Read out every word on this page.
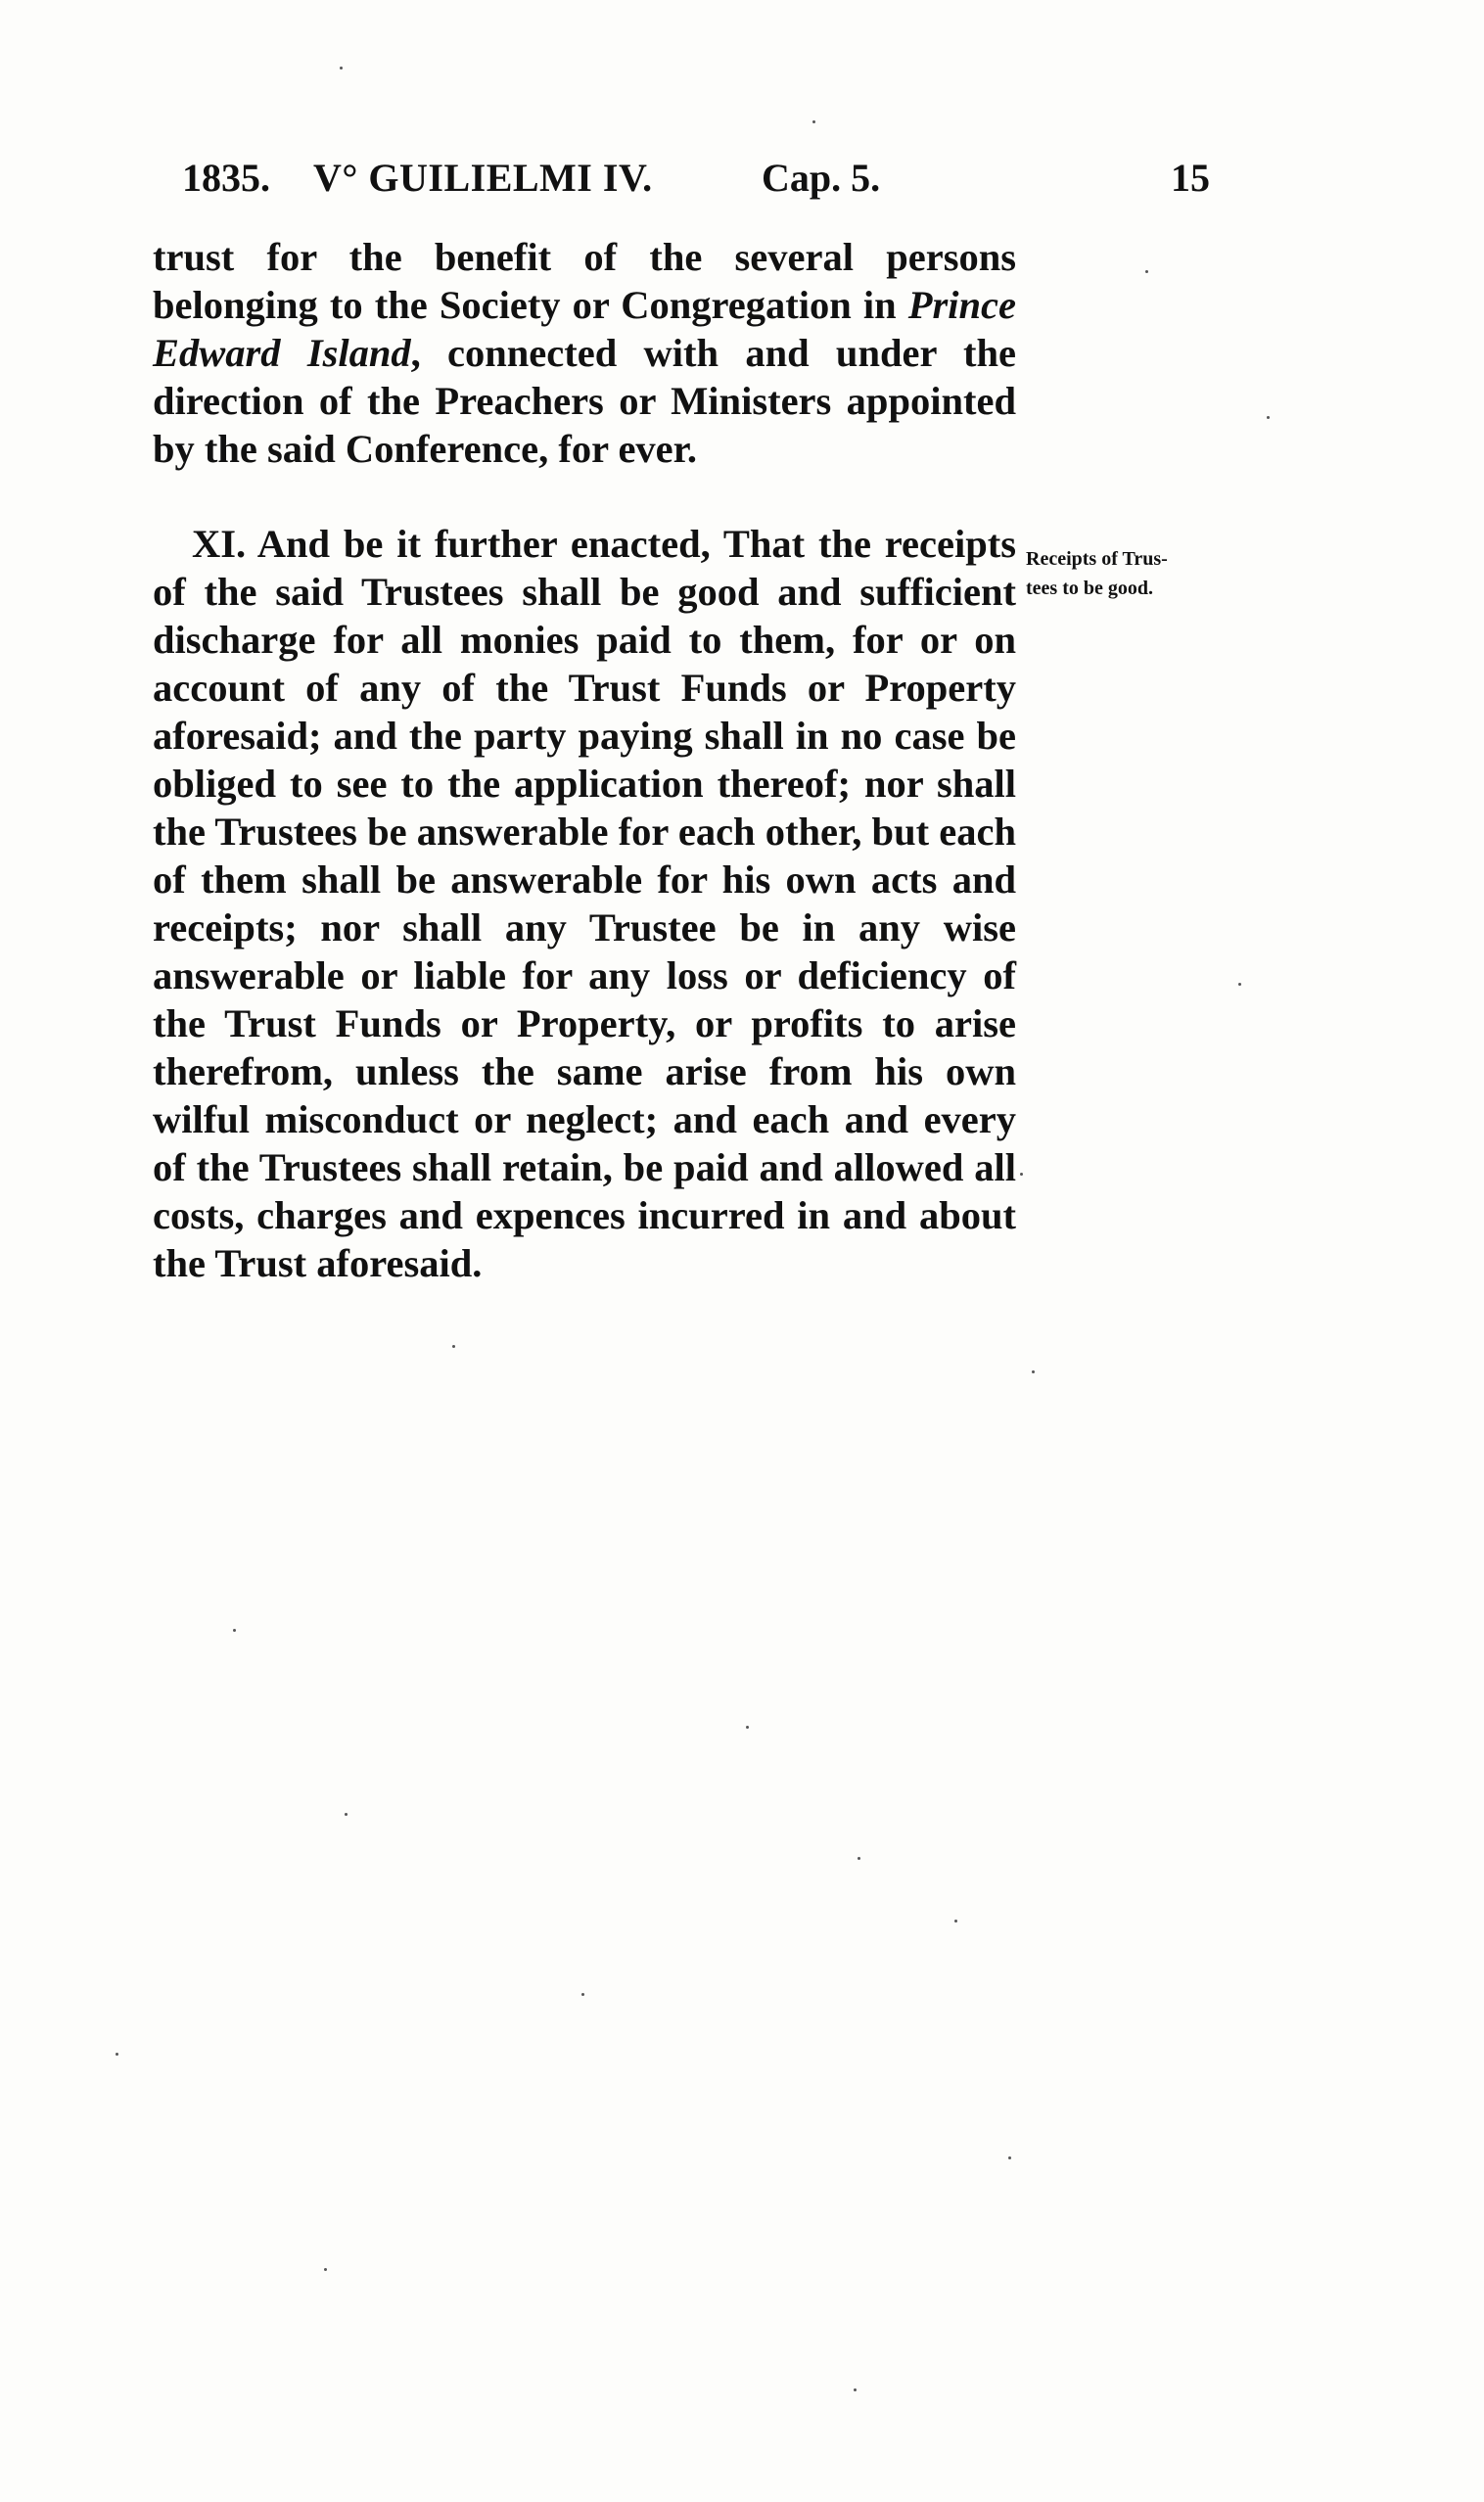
1835. V° GUILIELMI IV.	Cap. 5.	15

trust for the benefit of the several persons belonging to the Society or Congregation in Prince Edward Island, connected with and under the direction of the Preachers or Ministers appointed by the said Conference, for ever.

XI. And be it further enacted, That the receipts of the said Trustees shall be good and sufficient discharge for all monies paid to them, for or on account of any of the Trust Funds or Property aforesaid; and the party paying shall in no case be obliged to see to the application thereof; nor shall the Trustees be answerable for each other, but each of them shall be answerable for his own acts and receipts; nor shall any Trustee be in any wise answerable or liable for any loss or deficiency of the Trust Funds or Property, or profits to arise therefrom, unless the same arise from his own wilful misconduct or neglect; and each and every of the Trustees shall retain, be paid and allowed all costs, charges and expences incurred in and about the Trust aforesaid.

Receipts of Trus-
tees to be good.
